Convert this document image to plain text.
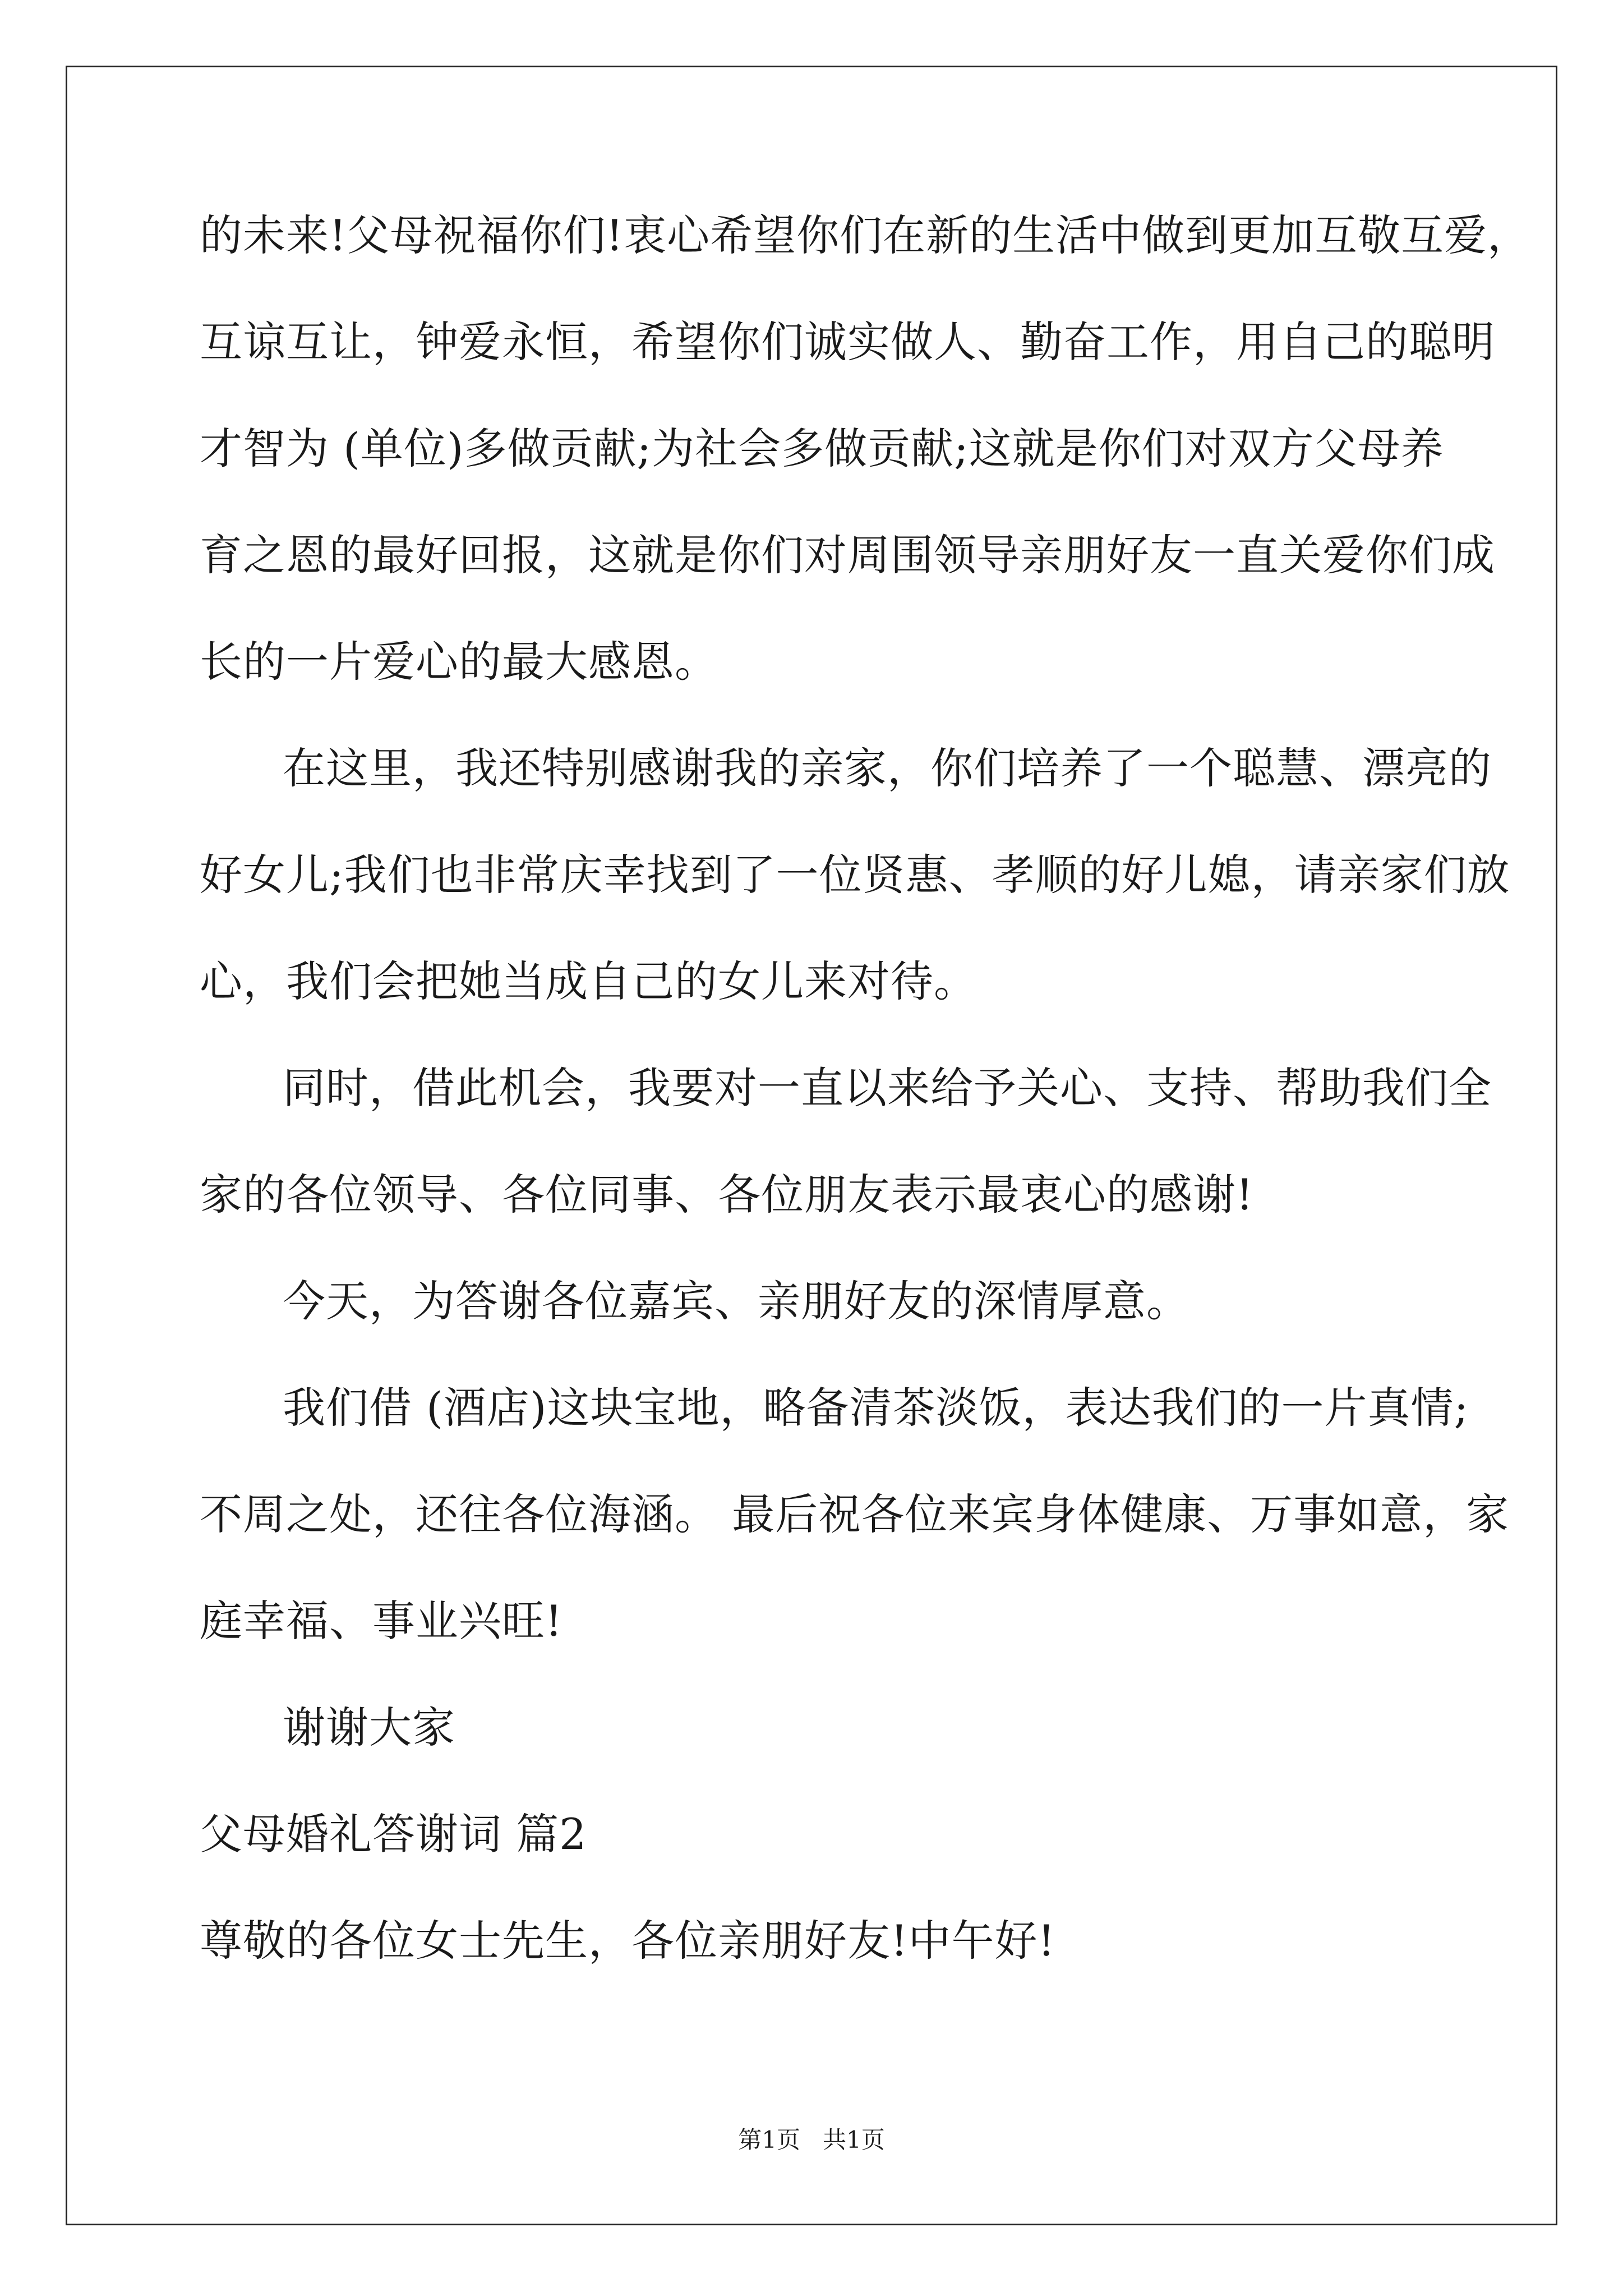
的未来!父母祝福你们!衷心希望你们在新的生活中做到更加互敬互爱，
互谅互让，钟爱永恒，希望你们诚实做人、勤奋工作，用自己的聪明
才智为 (单位)多做贡献;为社会多做贡献;这就是你们对双方父母养
育之恩的最好回报，这就是你们对周围领导亲朋好友一直关爱你们成
长的一片爱心的最大感恩。
在这里，我还特别感谢我的亲家，你们培养了一个聪慧、漂亮的
好女儿;我们也非常庆幸找到了一位贤惠、孝顺的好儿媳，请亲家们放
心，我们会把她当成自己的女儿来对待。
同时，借此机会，我要对一直以来给予关心、支持、帮助我们全
家的各位领导、各位同事、各位朋友表示最衷心的感谢!
今天，为答谢各位嘉宾、亲朋好友的深情厚意。
我们借 (酒店)这块宝地，略备清茶淡饭，表达我们的一片真情;
不周之处，还往各位海涵。 最后祝各位来宾身体健康、万事如意，家
庭幸福、事业兴旺!
谢谢大家
父母婚礼答谢词 篇2
尊敬的各位女士先生，各位亲朋好友!中午好!
第1页   共1页
